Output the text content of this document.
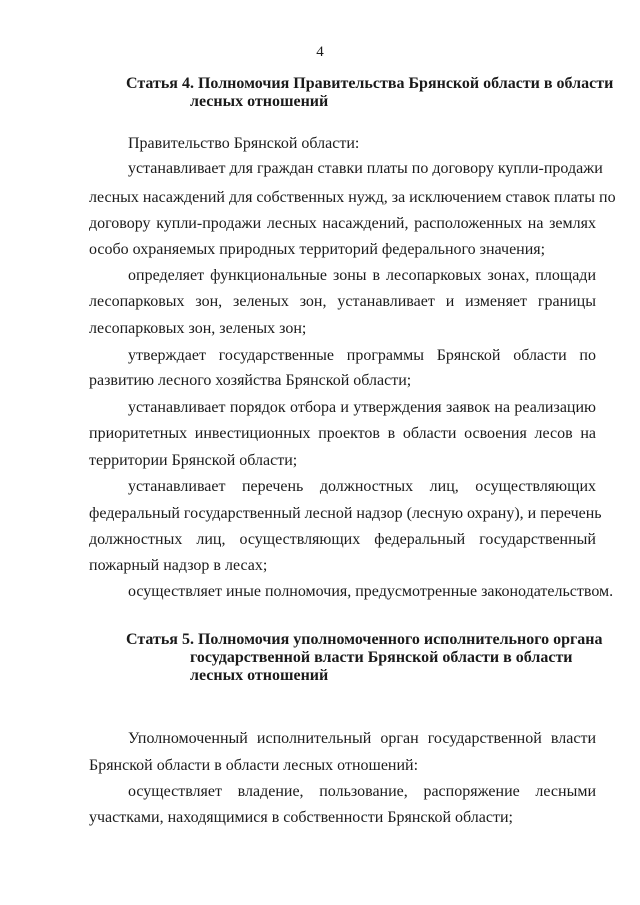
4
Статья 4. Полномочия Правительства Брянской области в области
лесных отношений
Правительство Брянской области:
устанавливает для граждан ставки платы по договору купли-продажи
лесных насаждений для собственных нужд, за исключением ставок платы по
договору купли-продажи лесных насаждений, расположенных на землях
особо охраняемых природных территорий федерального значения;
определяет функциональные зоны в лесопарковых зонах, площади
лесопарковых зон, зеленых зон, устанавливает и изменяет границы
лесопарковых зон, зеленых зон;
утверждает государственные программы Брянской области по
развитию лесного хозяйства Брянской области;
устанавливает порядок отбора и утверждения заявок на реализацию
приоритетных инвестиционных проектов в области освоения лесов на
территории Брянской области;
устанавливает перечень должностных лиц, осуществляющих
федеральный государственный лесной надзор (лесную охрану), и перечень
должностных лиц, осуществляющих федеральный государственный
пожарный надзор в лесах;
осуществляет иные полномочия, предусмотренные законодательством.
Статья 5. Полномочия уполномоченного исполнительного органа
государственной власти Брянской области в области
лесных отношений
Уполномоченный исполнительный орган государственной власти
Брянской области в области лесных отношений:
осуществляет владение, пользование, распоряжение лесными
участками, находящимися в собственности Брянской области;
